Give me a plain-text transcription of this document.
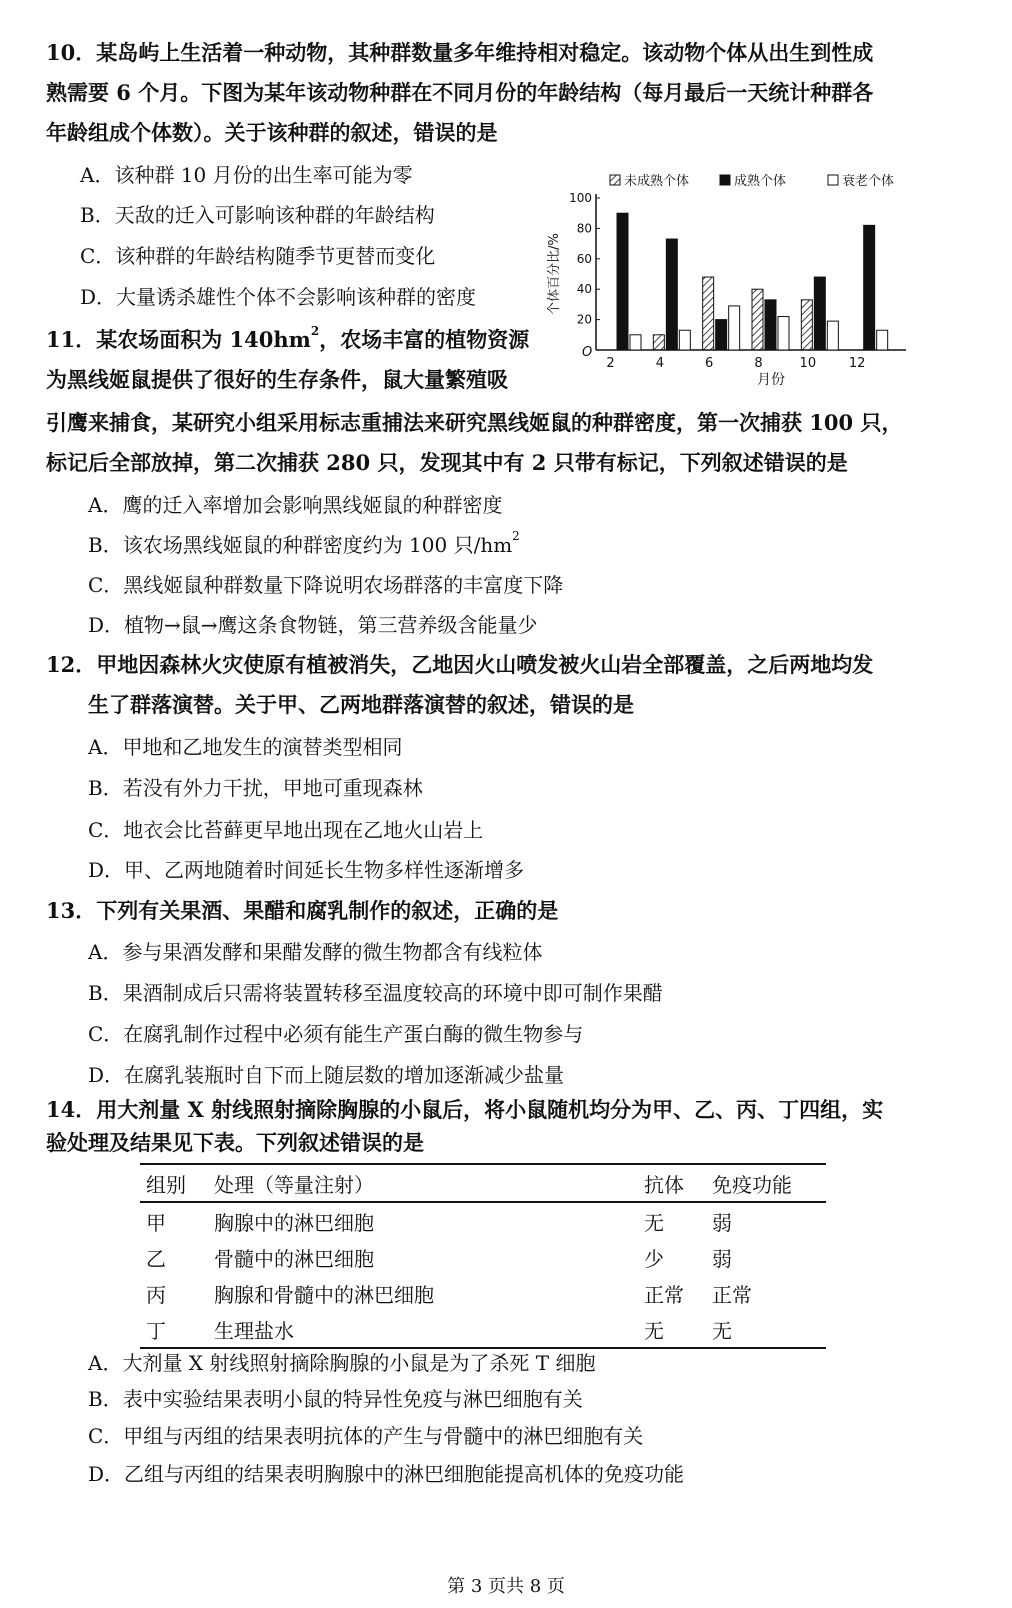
10．某岛屿上生活着一种动物，其种群数量多年维持相对稳定。该动物个体从出生到性成
熟需要 6 个月。下图为某年该动物种群在不同月份的年龄结构（每月最后一天统计种群各
年龄组成个体数）。关于该种群的叙述，错误的是
A．该种群 10 月份的出生率可能为零
B．天敌的迁入可影响该种群的年龄结构
C．该种群的年龄结构随季节更替而变化
D．大量诱杀雄性个体不会影响该种群的密度
未成熟个体	成熟个体	衰老个体
O
20
40
60
80
100
个体百分比/%
2	4	6	8	10	12
月份
11．某农场面积为 $140hm^2$，农场丰富的植物资源
为黑线姬鼠提供了很好的生存条件，鼠大量繁殖吸
引鹰来捕食，某研究小组采用标志重捕法来研究黑线姬鼠的种群密度，第一次捕获 100 只，
标记后全部放掉，第二次捕获 280 只，发现其中有 2 只带有标记，下列叙述错误的是
A．鹰的迁入率增加会影响黑线姬鼠的种群密度
B．该农场黑线姬鼠的种群密度约为 100 只$/hm^2$
C．黑线姬鼠种群数量下降说明农场群落的丰富度下降
D．植物→鼠→鹰这条食物链，第三营养级含能量少
12．甲地因森林火灾使原有植被消失，乙地因火山喷发被火山岩全部覆盖，之后两地均发
生了群落演替。关于甲、乙两地群落演替的叙述，错误的是
A．甲地和乙地发生的演替类型相同
B．若没有外力干扰，甲地可重现森林
C．地衣会比苔藓更早地出现在乙地火山岩上
D．甲、乙两地随着时间延长生物多样性逐渐增多
13．下列有关果酒、果醋和腐乳制作的叙述，正确的是
A．参与果酒发酵和果醋发酵的微生物都含有线粒体
B．果酒制成后只需将装置转移至温度较高的环境中即可制作果醋
C．在腐乳制作过程中必须有能生产蛋白酶的微生物参与
D．在腐乳装瓶时自下而上随层数的增加逐渐减少盐量
14．用大剂量 X 射线照射摘除胸腺的小鼠后，将小鼠随机均分为甲、乙、丙、丁四组，实
验处理及结果见下表。下列叙述错误的是
组别	处理（等量注射）	抗体	免疫功能
甲	胸腺中的淋巴细胞	无	弱
乙	骨髓中的淋巴细胞	少	弱
丙	胸腺和骨髓中的淋巴细胞	正常	正常
丁	生理盐水	无	无
A．大剂量 X 射线照射摘除胸腺的小鼠是为了杀死 T 细胞
B．表中实验结果表明小鼠的特异性免疫与淋巴细胞有关
C．甲组与丙组的结果表明抗体的产生与骨髓中的淋巴细胞有关
D．乙组与丙组的结果表明胸腺中的淋巴细胞能提高机体的免疫功能
第 3 页共 8 页
